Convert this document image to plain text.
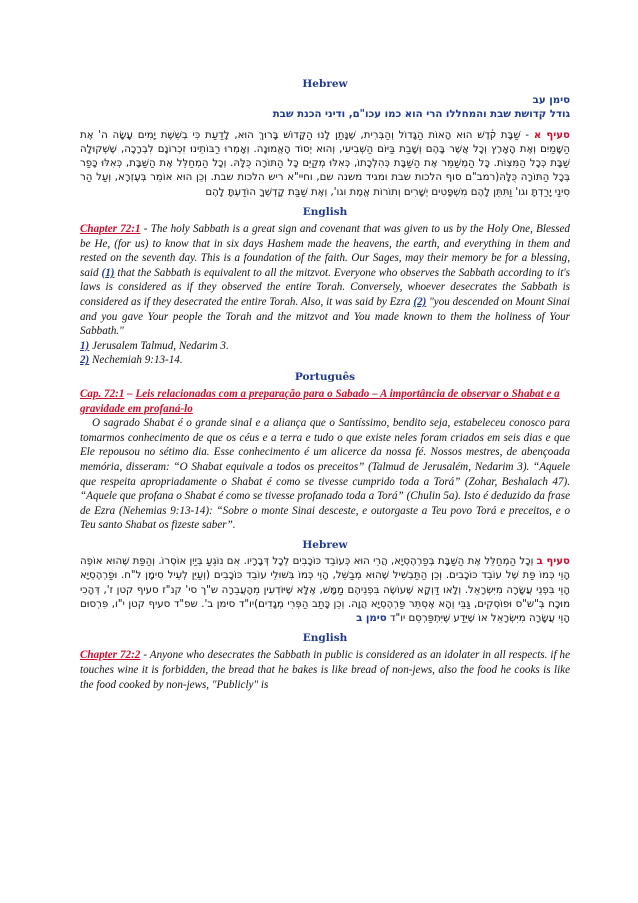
Hebrew
סימן עב
גודל קדושת שבת והמחללו הרי הוא כמו עכו"ם, ודיני הכנת שבת
סעיף א - שַׁבָּת ק֫דֶשׁ הוּא הָאוֹת הַגָּדוֹל וְהַבְּרִית, שֶׁנָּתַן לָנוּ הַקָּדוֹשׁ בָּרוּךְ הוּא, לָדַעַת כִּי בְשֵׁשֶׁת יָמִים עָשָׂה ה' אֶת הַשָּׁמַיִם וְאֶת הָאָרֶץ וְכָל אֲשֶׁר בָּהֶם וְשָׁבַת בַּיּוֹם הַשְּׁבִיעִי, וְהוּא יְסוֹד הָאֱמוּנָה. וְאָמְרוּ רַבּוֹתֵינוּ זִכְרוֹנָם לִבְרָכָה, שֶׁשְּׁקוּלָה שַׁבָּת כְּכָל הַמִּצְוֹת. כָּל הַמְשַׁמֵּר אֶת הַשַּׁבָּת כְּהִלְכָתוֹ, כְּאִלּוּ מְקַיֵּם כָּל הַתּוֹרָה כֻּלָּהּ. וְכָל הַמְחַלֵּל אֶת הַשַּׁבָּת, כְּאִלּוּ כָּפַר בְּכָל הַתּוֹרָה כֻּלָּהּ(רמב"ם סוף הלכות שבת ומגיד משנה שם, וחיי"א ריש הלכות שבת. וְכֵן הוּא אוֹמֵר בְּעֶזְרָא, וְעַל הַר סִינַי יָרַדְתָּ וגו' וַתִּתֵּן לָהֶם מִשְׁפָּטִים יְשָׁרִים וְתוֹרוֹת אֱמֶת וגו', וְאֶת שַׁבַּת קָדְשְׁךָ הוֹדַעְתָּ לָהֶם
English
Chapter 72:1 - The holy Sabbath is a great sign and covenant that was given to us by the Holy One, Blessed be He, (for us) to know that in six days Hashem made the heavens, the earth, and everything in them and rested on the seventh day. This is a foundation of the faith. Our Sages, may their memory be for a blessing, said (1) that the Sabbath is equivalent to all the mitzvot. Everyone who observes the Sabbath according to it's laws is considered as if they observed the entire Torah. Conversely, whoever desecrates the Sabbath is considered as if they desecrated the entire Torah. Also, it was said by Ezra (2) "you descended on Mount Sinai and you gave Your people the Torah and the mitzvot and You made known to them the holiness of Your Sabbath."
1) Jerusalem Talmud, Nedarim 3.
2) Nechemiah 9:13-14.
Português
Cap. 72:1 – Leis relacionadas com a preparação para o Sabado – A importância de observar o Shabat e a gravidade em profaná-lo
O sagrado Shabat é o grande sinal e a aliança que o Santíssimo, bendito seja, estabeleceu conosco para tomarmos conhecimento de que os céus e a terra e tudo o que existe neles foram criados em seis dias e que Ele repousou no sétimo dia. Esse conhecimento é um alicerce da nossa fé. Nossos mestres, de abençoada memória, disseram: “O Shabat equivale a todos os preceitos” (Talmud de Jerusalém, Nedarim 3). “Aquele que respeita apropriadamente o Shabat é como se tivesse cumprido toda a Torá” (Zohar, Beshalach 47). “Aquele que profana o Shabat é como se tivesse profanado toda a Torá” (Chulin 5a). Isto é deduzido da frase de Ezra (Nehemias 9:13-14): “Sobre o monte Sinai desceste, e outorgaste a Teu povo Torá e preceitos, e o Teu santo Shabat os fizeste saber”.
Hebrew
סעיף ב וְכָל הַמְחַלֵּל אֶת הַשַּׁבָּת בְּפַרְהֶסְיָא, הֲרֵי הוּא כְּעוֹבֵד כּוֹכָבִים לְכָל דְּבָרָיו. אִם נוֹגֵעַ בְּיַיִן אוֹסְרוֹ. וְהַפַּת שֶׁהוּא אוֹפֶה הָוֵי כְּמוֹ פַּת שֶׁל עוֹבֵד כּוֹכָבִים. וְכֵן הַתַּבְשִׁיל שֶׁהוּא מְבַשֵּׁל, הָוֵי כְּמוֹ בִּשּׁוּלֵי עוֹבֵד כּוֹכָבִים (וְעַיֵּן לְעֵיל סִימָן ל"ח. וּפַרְהֶסְיָא הָוֵי בִּפְנֵי עֲשָׂרָה מִיִּשְׂרָאֵל. וְלָאו דַּוְקָא שֶׁעוֹשֶׂה בִּפְנֵיהֶם מַמָּשׁ, אֶלָּא שֶׁיּוֹדְעִין מֵהָעֲבֵרָה ש"ך סי' קנ"ז סעיף קטן ז', דְּהָכִי מוּכָח בְּ"ש"ס וּפוֹסְקִים, גַּבֵּי וְהָא אֶסְתֵּר פַּרְהֶסְיָא הֲוָה. וְכֵן כָּתַב הַפְּרִי מְגָדִים)יו"ד סימן ב'. שפ"ד סעיף קטן י"ו, פִּרְסוּם הָוֵי עֲשָׂרָה מִיִּשְׂרָאֵל אוֹ שֶׁיֵּדַע שֶׁיִּתְפַּרְסֵם יו"ד סימן ב
English
Chapter 72:2 - Anyone who desecrates the Sabbath in public is considered as an idolater in all respects. if he touches wine it is forbidden, the bread that he bakes is like bread of non-jews, also the food he cooks is like the food cooked by non-jews, "Publicly" is
